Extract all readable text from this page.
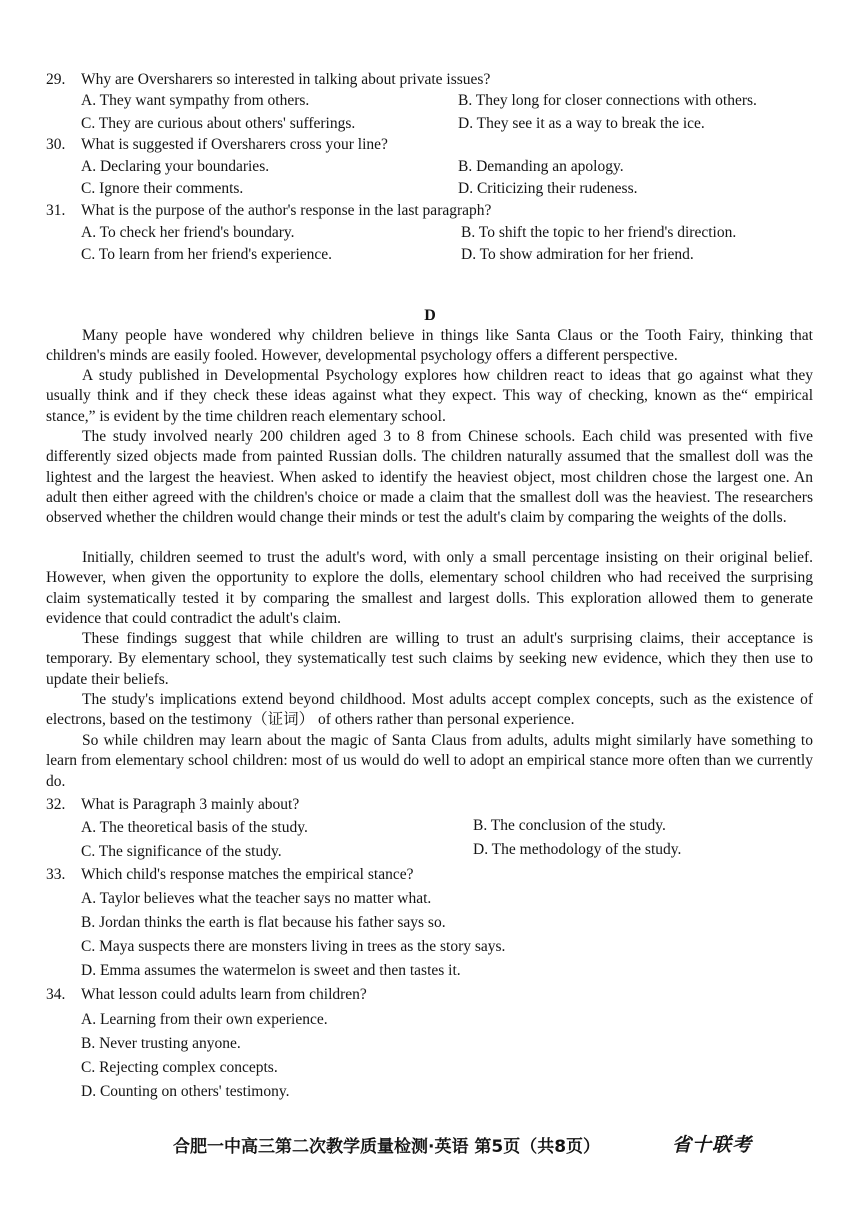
29. Why are Oversharers so interested in talking about private issues?
A. They want sympathy from others.	B. They long for closer connections with others.
C. They are curious about others' sufferings.	D. They see it as a way to break the ice.
30. What is suggested if Oversharers cross your line?
A. Declaring your boundaries.	B. Demanding an apology.
C. Ignore their comments.	D. Criticizing their rudeness.
31. What is the purpose of the author's response in the last paragraph?
A. To check her friend's boundary.	B. To shift the topic to her friend's direction.
C. To learn from her friend's experience.	D. To show admiration for her friend.
D

Many people have wondered why children believe in things like Santa Claus or the Tooth Fairy, thinking that children's minds are easily fooled. However, developmental psychology offers a different perspective.

A study published in Developmental Psychology explores how children react to ideas that go against what they usually think and if they check these ideas against what they expect. This way of checking, known as the“ empirical stance,” is evident by the time children reach elementary school.

The study involved nearly 200 children aged 3 to 8 from Chinese schools. Each child was presented with five differently sized objects made from painted Russian dolls. The children naturally assumed that the smallest doll was the lightest and the largest the heaviest. When asked to identify the heaviest object, most children chose the largest one. An adult then either agreed with the children's choice or made a claim that the smallest doll was the heaviest. The researchers observed whether the children would change their minds or test the adult's claim by comparing the weights of the dolls.

Initially, children seemed to trust the adult's word, with only a small percentage insisting on their original belief. However, when given the opportunity to explore the dolls, elementary school children who had received the surprising claim systematically tested it by comparing the smallest and largest dolls. This exploration allowed them to generate evidence that could contradict the adult's claim.

These findings suggest that while children are willing to trust an adult's surprising claims, their acceptance is temporary. By elementary school, they systematically test such claims by seeking new evidence, which they then use to update their beliefs.

The study's implications extend beyond childhood. Most adults accept complex concepts, such as the existence of electrons, based on the testimony（证词） of others rather than personal experience.

So while children may learn about the magic of Santa Claus from adults, adults might similarly have something to learn from elementary school children: most of us would do well to adopt an empirical stance more often than we currently do.

32. What is Paragraph 3 mainly about?
A. The theoretical basis of the study.	B. The conclusion of the study.
C. The significance of the study.	D. The methodology of the study.
33. Which child's response matches the empirical stance?
A. Taylor believes what the teacher says no matter what.
B. Jordan thinks the earth is flat because his father says so.
C. Maya suspects there are monsters living in trees as the story says.
D. Emma assumes the watermelon is sweet and then tastes it.
34. What lesson could adults learn from children?
A. Learning from their own experience.
B. Never trusting anyone.
C. Rejecting complex concepts.
D. Counting on others' testimony.
合肥一中高三第二次教学质量检测·英语 第5页（共8页）	省十联考
